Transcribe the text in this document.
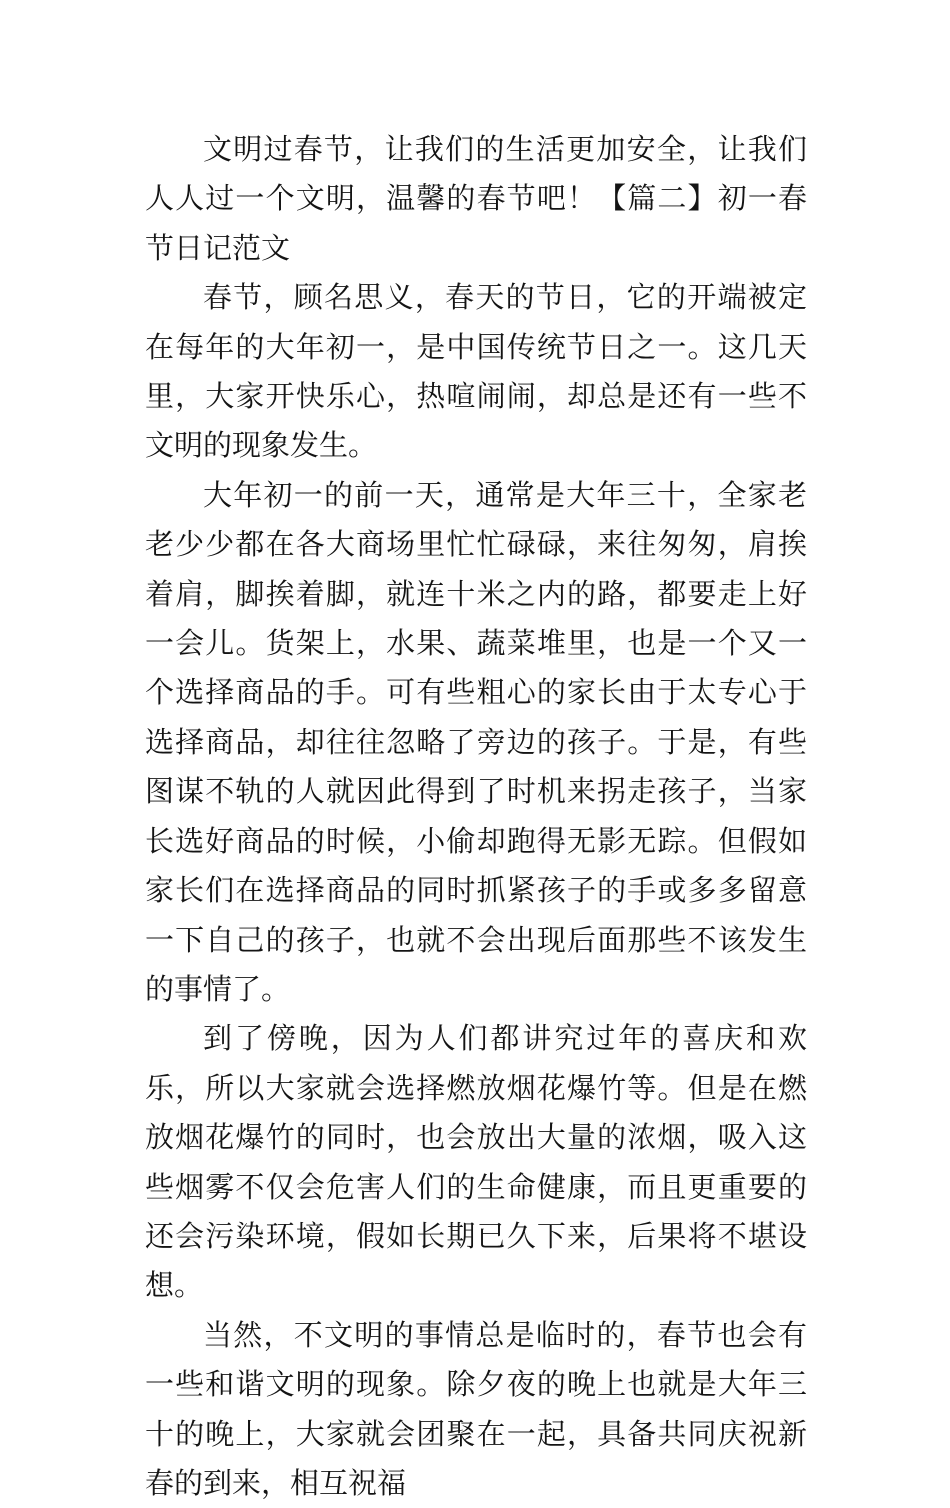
文明过春节，让我们的生活更加安全，让我们人人过一个文明，温馨的春节吧！【篇二】初一春节日记范文

春节，顾名思义，春天的节日，它的开端被定在每年的大年初一，是中国传统节日之一。这几天里，大家开快乐心，热喧闹闹，却总是还有一些不文明的现象发生。

大年初一的前一天，通常是大年三十，全家老老少少都在各大商场里忙忙碌碌，来往匆匆，肩挨着肩，脚挨着脚，就连十米之内的路，都要走上好一会儿。货架上，水果、蔬菜堆里，也是一个又一个选择商品的手。可有些粗心的家长由于太专心于选择商品，却往往忽略了旁边的孩子。于是，有些图谋不轨的人就因此得到了时机来拐走孩子，当家长选好商品的时候，小偷却跑得无影无踪。但假如家长们在选择商品的同时抓紧孩子的手或多多留意一下自己的孩子，也就不会出现后面那些不该发生的事情了。

到了傍晚，因为人们都讲究过年的喜庆和欢乐，所以大家就会选择燃放烟花爆竹等。但是在燃放烟花爆竹的同时，也会放出大量的浓烟，吸入这些烟雾不仅会危害人们的生命健康，而且更重要的还会污染环境，假如长期已久下来，后果将不堪设想。

当然，不文明的事情总是临时的，春节也会有一些和谐文明的现象。除夕夜的晚上也就是大年三十的晚上，大家就会团聚在一起，具备共同庆祝新春的到来，相互祝福
